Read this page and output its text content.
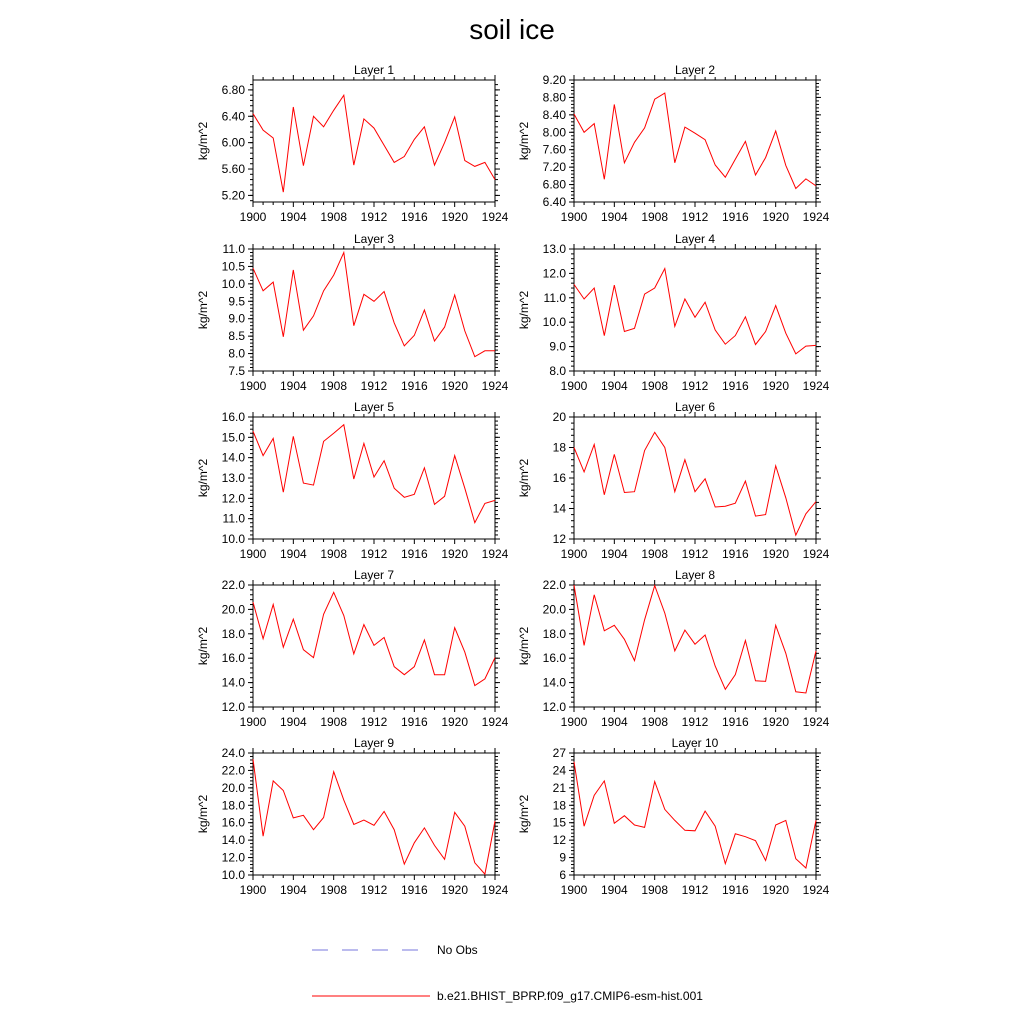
soil ice
Layer 1
kg/m^2
5.20
5.60
6.00
6.40
6.80
1900 1904 1908 1912 1916 1920 1924
Layer 2
kg/m^2
6.40
6.80
7.20
7.60
8.00
8.40
8.80
9.20
1900 1904 1908 1912 1916 1920 1924
Layer 3
kg/m^2
7.5
8.0
8.5
9.0
9.5
10.0
10.5
11.0
1900 1904 1908 1912 1916 1920 1924
Layer 4
kg/m^2
8.0
9.0
10.0
11.0
12.0
13.0
1900 1904 1908 1912 1916 1920 1924
Layer 5
kg/m^2
10.0
11.0
12.0
13.0
14.0
15.0
16.0
1900 1904 1908 1912 1916 1920 1924
Layer 6
kg/m^2
12
14
16
18
20
1900 1904 1908 1912 1916 1920 1924
Layer 7
kg/m^2
12.0
14.0
16.0
18.0
20.0
22.0
1900 1904 1908 1912 1916 1920 1924
Layer 8
kg/m^2
12.0
14.0
16.0
18.0
20.0
22.0
1900 1904 1908 1912 1916 1920 1924
Layer 9
kg/m^2
10.0
12.0
14.0
16.0
18.0
20.0
22.0
24.0
1900 1904 1908 1912 1916 1920 1924
Layer 10
kg/m^2
6
9
12
15
18
21
24
27
1900 1904 1908 1912 1916 1920 1924
No Obs
b.e21.BHIST_BPRP.f09_g17.CMIP6-esm-hist.001
